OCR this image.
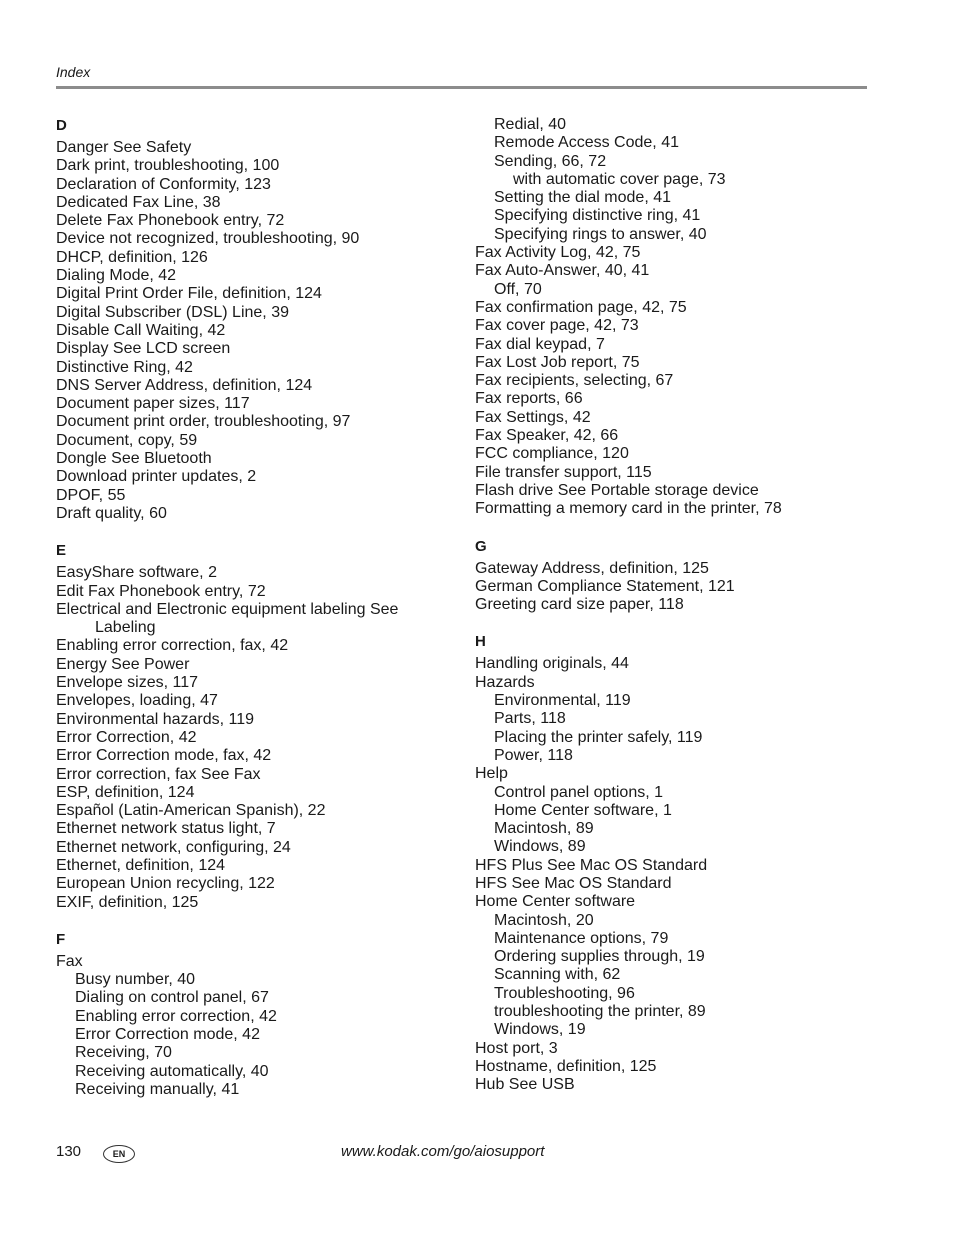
Index
D
Danger See Safety
Dark print, troubleshooting, 100
Declaration of Conformity, 123
Dedicated Fax Line, 38
Delete Fax Phonebook entry, 72
Device not recognized, troubleshooting, 90
DHCP, definition, 126
Dialing Mode, 42
Digital Print Order File, definition, 124
Digital Subscriber (DSL) Line, 39
Disable Call Waiting, 42
Display See LCD screen
Distinctive Ring, 42
DNS Server Address, definition, 124
Document paper sizes, 117
Document print order, troubleshooting, 97
Document, copy, 59
Dongle See Bluetooth
Download printer updates, 2
DPOF, 55
Draft quality, 60
E
EasyShare software, 2
Edit Fax Phonebook entry, 72
Electrical and Electronic equipment labeling See
Labeling
Enabling error correction, fax, 42
Energy See Power
Envelope sizes, 117
Envelopes, loading, 47
Environmental hazards, 119
Error Correction, 42
Error Correction mode, fax, 42
Error correction, fax See Fax
ESP, definition, 124
Español (Latin-American Spanish), 22
Ethernet network status light, 7
Ethernet network, configuring, 24
Ethernet, definition, 124
European Union recycling, 122
EXIF, definition, 125
F
Fax
Busy number, 40
Dialing on control panel, 67
Enabling error correction, 42
Error Correction mode, 42
Receiving, 70
Receiving automatically, 40
Receiving manually, 41
Redial, 40
Remode Access Code, 41
Sending, 66, 72
with automatic cover page, 73
Setting the dial mode, 41
Specifying distinctive ring, 41
Specifying rings to answer, 40
Fax Activity Log, 42, 75
Fax Auto-Answer, 40, 41
Off, 70
Fax confirmation page, 42, 75
Fax cover page, 42, 73
Fax dial keypad, 7
Fax Lost Job report, 75
Fax recipients, selecting, 67
Fax reports, 66
Fax Settings, 42
Fax Speaker, 42, 66
FCC compliance, 120
File transfer support, 115
Flash drive See Portable storage device
Formatting a memory card in the printer, 78
G
Gateway Address, definition, 125
German Compliance Statement, 121
Greeting card size paper, 118
H
Handling originals, 44
Hazards
Environmental, 119
Parts, 118
Placing the printer safely, 119
Power, 118
Help
Control panel options, 1
Home Center software, 1
Macintosh, 89
Windows, 89
HFS Plus See Mac OS Standard
HFS See Mac OS Standard
Home Center software
Macintosh, 20
Maintenance options, 79
Ordering supplies through, 19
Scanning with, 62
Troubleshooting, 96
troubleshooting the printer, 89
Windows, 19
Host port, 3
Hostname, definition, 125
Hub See USB
130	EN	www.kodak.com/go/aiosupport
